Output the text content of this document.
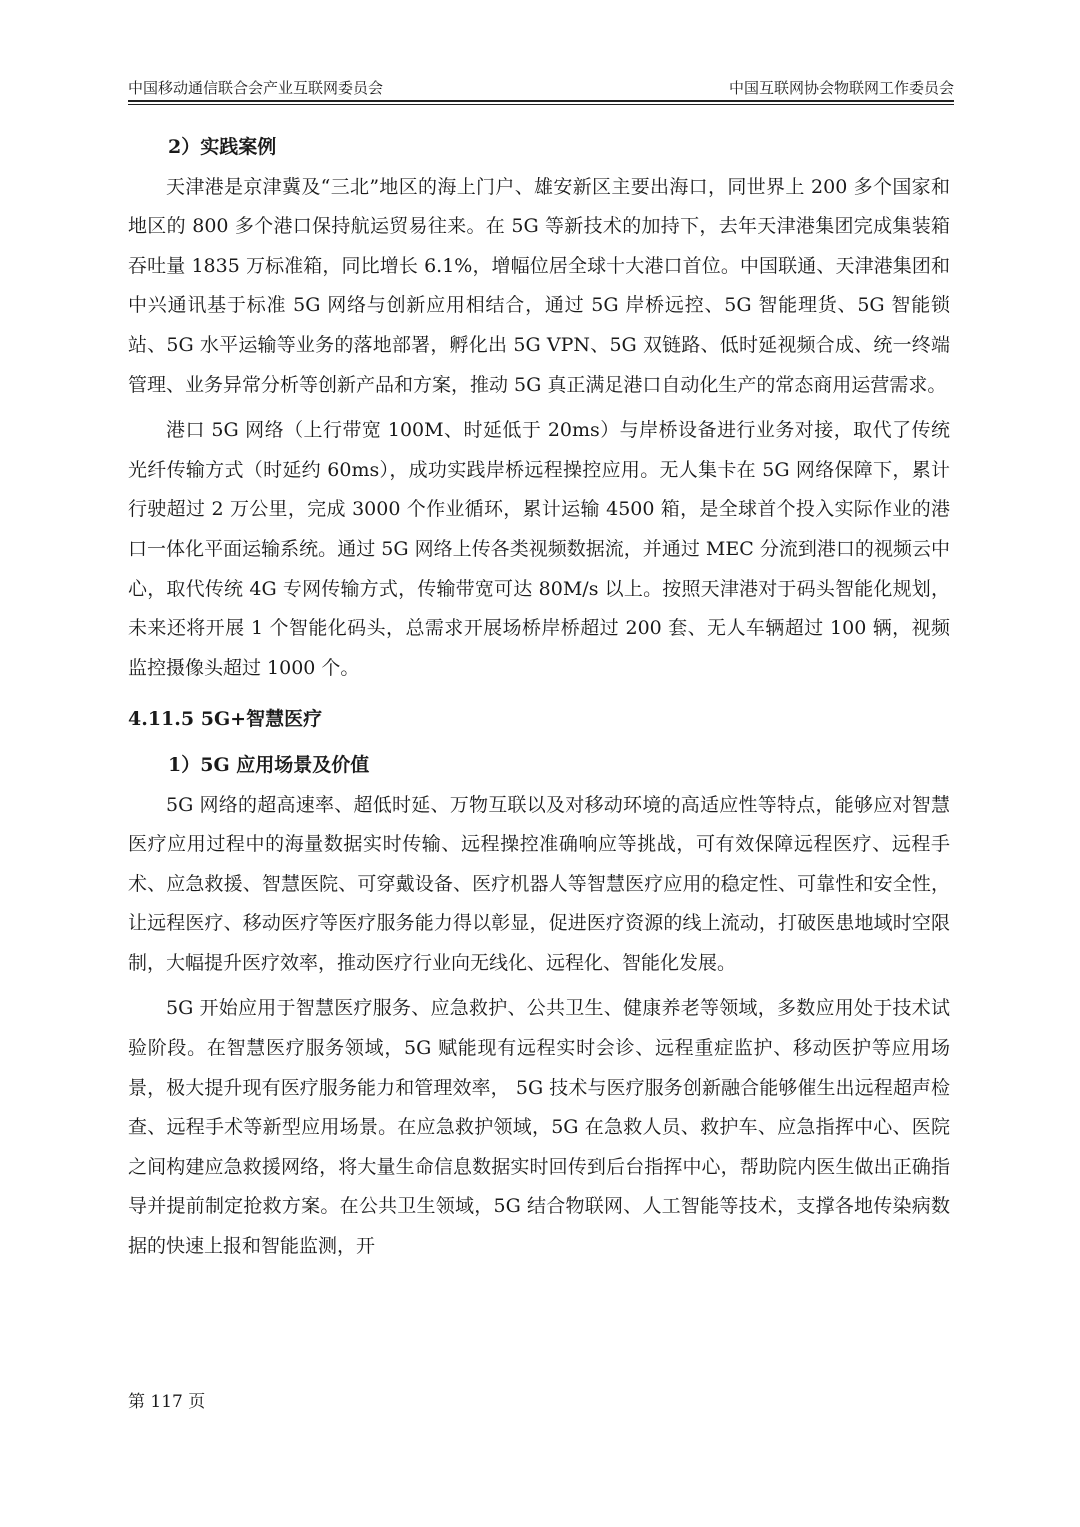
中国移动通信联合会产业互联网委员会	中国互联网协会物联网工作委员会
2）实践案例

天津港是京津冀及“三北”地区的海上门户、雄安新区主要出海口，同世界上 200 多个国家和地区的 800 多个港口保持航运贸易往来。在 5G 等新技术的加持下，去年天津港集团完成集装箱吞吐量 1835 万标准箱，同比增长 6.1%，增幅位居全球十大港口首位。中国联通、天津港集团和中兴通讯基于标准 5G 网络与创新应用相结合，通过 5G 岸桥远控、5G 智能理货、5G 智能锁站、5G 水平运输等业务的落地部署，孵化出 5G VPN、5G 双链路、低时延视频合成、统一终端管理、业务异常分析等创新产品和方案，推动 5G 真正满足港口自动化生产的常态商用运营需求。

港口 5G 网络（上行带宽 100M、时延低于 20ms）与岸桥设备进行业务对接，取代了传统光纤传输方式（时延约 60ms），成功实践岸桥远程操控应用。无人集卡在 5G 网络保障下，累计行驶超过 2 万公里，完成 3000 个作业循环，累计运输 4500 箱，是全球首个投入实际作业的港口一体化平面运输系统。通过 5G 网络上传各类视频数据流，并通过 MEC 分流到港口的视频云中心，取代传统 4G 专网传输方式，传输带宽可达 80M/s 以上。按照天津港对于码头智能化规划，未来还将开展 1 个智能化码头，总需求开展场桥岸桥超过 200 套、无人车辆超过 100 辆，视频监控摄像头超过 1000 个。

4.11.5 5G+智慧医疗
1）5G 应用场景及价值

5G 网络的超高速率、超低时延、万物互联以及对移动环境的高适应性等特点，能够应对智慧医疗应用过程中的海量数据实时传输、远程操控准确响应等挑战，可有效保障远程医疗、远程手术、应急救援、智慧医院、可穿戴设备、医疗机器人等智慧医疗应用的稳定性、可靠性和安全性，让远程医疗、移动医疗等医疗服务能力得以彰显，促进医疗资源的线上流动，打破医患地域时空限制，大幅提升医疗效率，推动医疗行业向无线化、远程化、智能化发展。

5G 开始应用于智慧医疗服务、应急救护、公共卫生、健康养老等领域，多数应用处于技术试验阶段。在智慧医疗服务领域，5G 赋能现有远程实时会诊、远程重症监护、移动医护等应用场景，极大提升现有医疗服务能力和管理效率， 5G 技术与医疗服务创新融合能够催生出远程超声检查、远程手术等新型应用场景。在应急救护领域，5G 在急救人员、救护车、应急指挥中心、医院之间构建应急救援网络，将大量生命信息数据实时回传到后台指挥中心，帮助院内医生做出正确指导并提前制定抢救方案。在公共卫生领域，5G 结合物联网、人工智能等技术，支撑各地传染病数据的快速上报和智能监测，开

第 117 页
